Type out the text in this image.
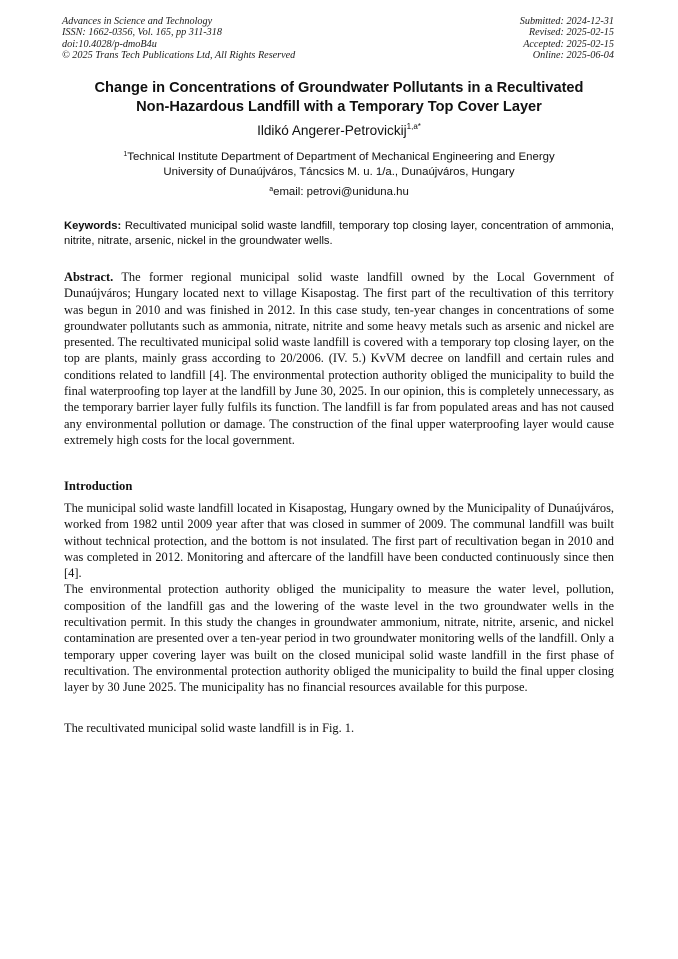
Advances in Science and Technology
ISSN: 1662-0356, Vol. 165, pp 311-318
doi:10.4028/p-dmoB4u
© 2025 Trans Tech Publications Ltd, All Rights Reserved
Submitted: 2024-12-31
Revised: 2025-02-15
Accepted: 2025-02-15
Online: 2025-06-04
Change in Concentrations of Groundwater Pollutants in a Recultivated
Non-Hazardous Landfill with a Temporary Top Cover Layer
Ildikó Angerer-Petrovickij$^{1,a*}$
$^1$Technical Institute Department of Department of Mechanical Engineering and Energy
University of Dunaújváros, Táncsics M. u. 1/a., Dunaújváros, Hungary
$^a$email: petrovi@uniduna.hu
Keywords: Recultivated municipal solid waste landfill, temporary top closing layer, concentration of ammonia, nitrite, nitrate, arsenic, nickel in the groundwater wells.
Abstract. The former regional municipal solid waste landfill owned by the Local Government of Dunaújváros; Hungary located next to village Kisapostag. The first part of the recultivation of this territory was begun in 2010 and was finished in 2012. In this case study, ten-year changes in concentrations of some groundwater pollutants such as ammonia, nitrate, nitrite and some heavy metals such as arsenic and nickel are presented. The recultivated municipal solid waste landfill is covered with a temporary top closing layer, on the top are plants, mainly grass according to 20/2006. (IV. 5.) KvVM decree on landfill and certain rules and conditions related to landfill [4]. The environmental protection authority obliged the municipality to build the final waterproofing top layer at the landfill by June 30, 2025. In our opinion, this is completely unnecessary, as the temporary barrier layer fully fulfils its function. The landfill is far from populated areas and has not caused any environmental pollution or damage. The construction of the final upper waterproofing layer would cause extremely high costs for the local government.
Introduction

The municipal solid waste landfill located in Kisapostag, Hungary owned by the Municipality of Dunaújváros, worked from 1982 until 2009 year after that was closed in summer of 2009. The communal landfill was built without technical protection, and the bottom is not insulated. The first part of recultivation began in 2010 and was completed in 2012. Monitoring and aftercare of the landfill have been conducted continuously since then [4].

The environmental protection authority obliged the municipality to measure the water level, pollution, composition of the landfill gas and the lowering of the waste level in the two groundwater wells in the recultivation permit. In this study the changes in groundwater ammonium, nitrate, nitrite, arsenic, and nickel contamination are presented over a ten-year period in two groundwater monitoring wells of the landfill. Only a temporary upper covering layer was built on the closed municipal solid waste landfill in the first phase of recultivation. The environmental protection authority obliged the municipality to build the final upper closing layer by 30 June 2025. The municipality has no financial resources available for this purpose.

The recultivated municipal solid waste landfill is in Fig. 1.
